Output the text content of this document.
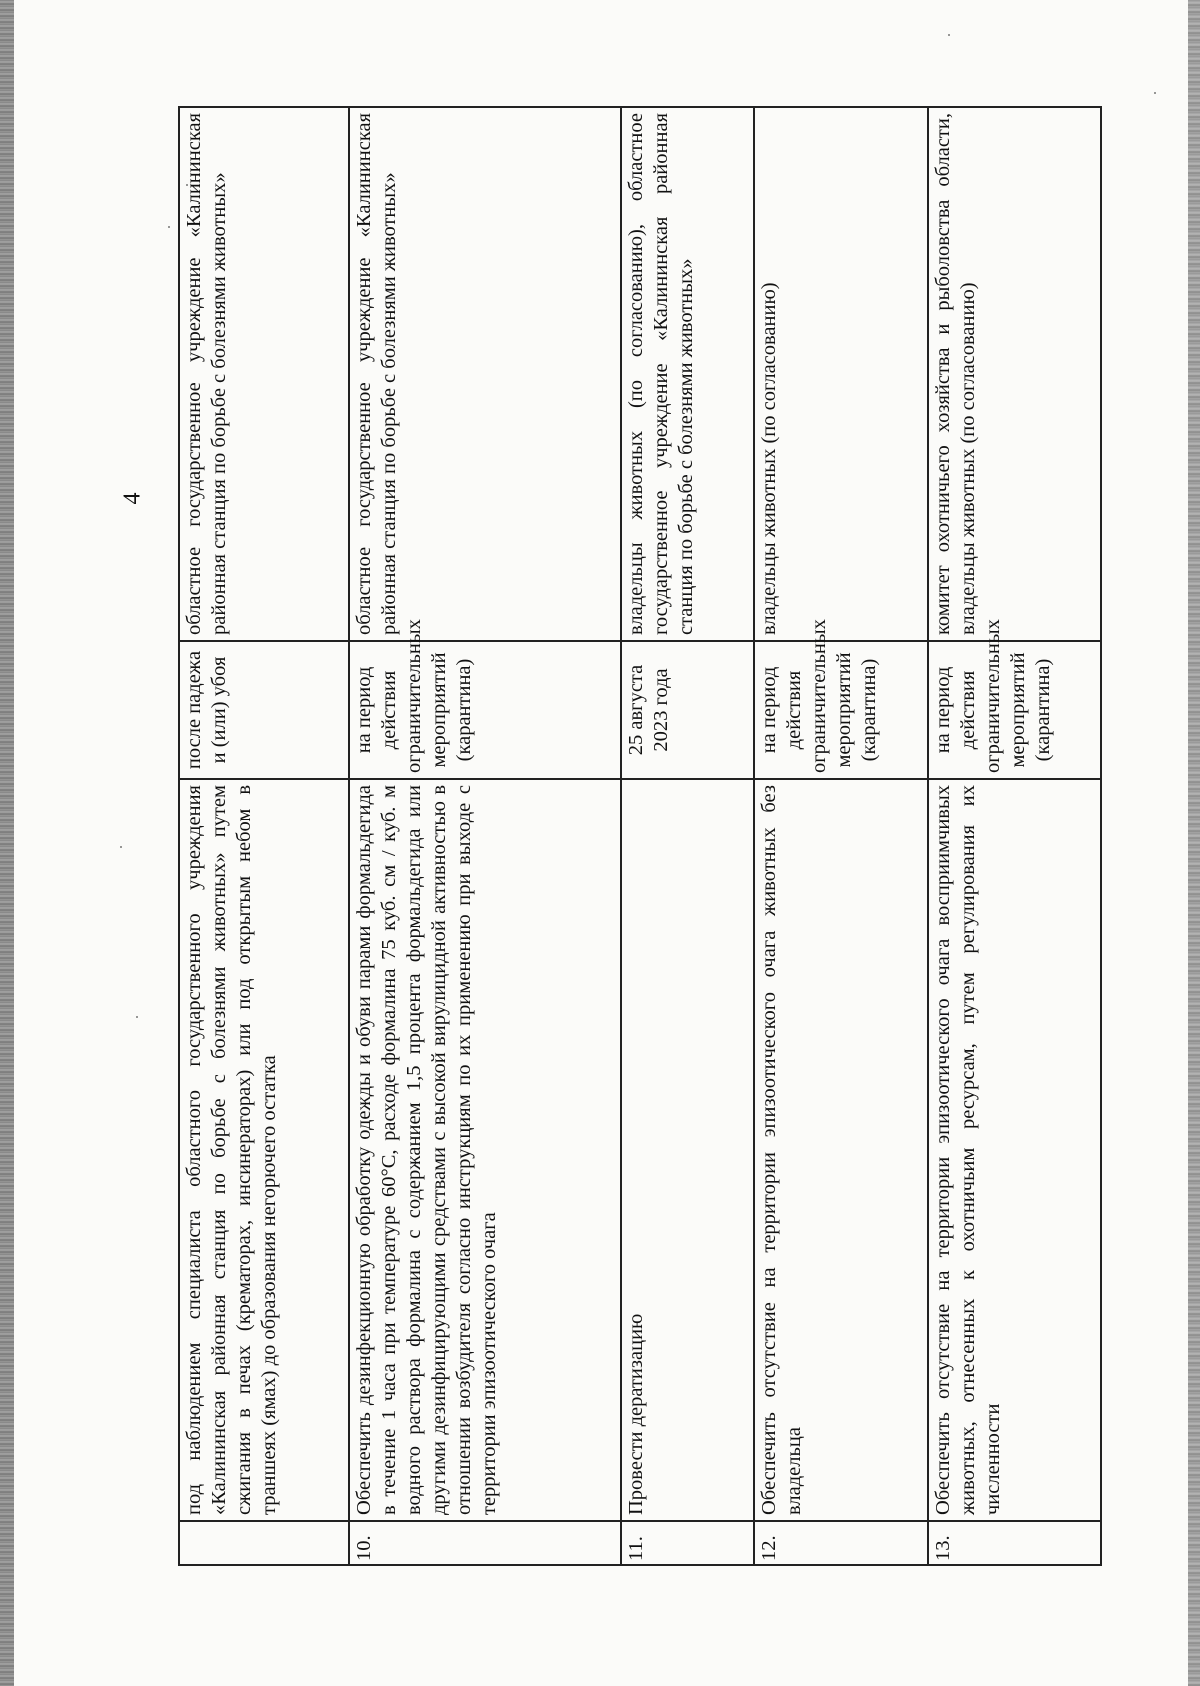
4
	под наблюдением специалиста областного государственного учреждения «Калининская районная станция по борьбе с болезнями животных» путем сжигания в печах (крематорах, инсинераторах) или под открытым небом в траншеях (ямах) до образования негорючего остатка	после падежа и (или) убоя	областное государственное учреждение «Калининская районная станция по борьбе с болезнями животных»
10.	Обеспечить дезинфекционную обработку одежды и обуви парами формальдегида в течение 1 часа при температуре 60°С, расходе формалина 75 куб. см / куб. м водного раствора формалина с содержанием 1,5 процента формальдегида или другими дезинфицирующими средствами с высокой вирулицидной активностью в отношении возбудителя согласно инструкциям по их применению при выходе с территории эпизоотического очага	на период действия ограничительных мероприятий (карантина)	областное государственное учреждение «Калининская районная станция по борьбе с болезнями животных»
11.	Провести дератизацию	25 августа 2023 года	владельцы животных (по согласованию), областное государственное учреждение «Калининская районная станция по борьбе с болезнями животных»
12.	Обеспечить отсутствие на территории эпизоотического очага животных без владельца	на период действия ограничительных мероприятий (карантина)	владельцы животных (по согласованию)
13.	Обеспечить отсутствие на территории эпизоотического очага восприимчивых животных, отнесенных к охотничьим ресурсам, путем регулирования их численности	на период действия ограничительных мероприятий (карантина)	комитет охотничьего хозяйства и рыболовства области, владельцы животных (по согласованию)
